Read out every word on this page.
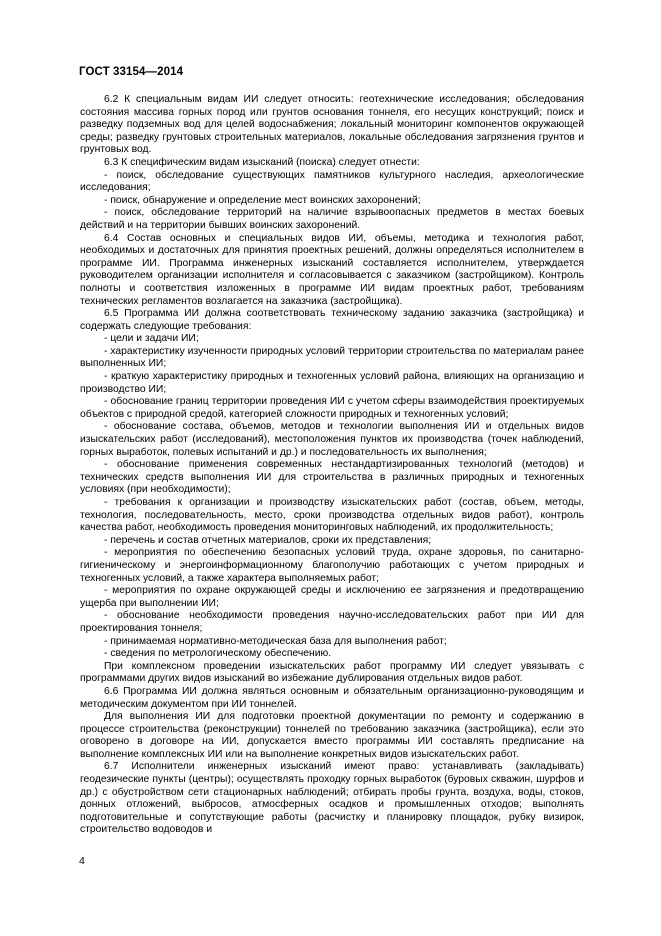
ГОСТ 33154—2014

6.2 К специальным видам ИИ следует относить: геотехнические исследования; обследования состояния массива горных пород или грунтов основания тоннеля, его несущих конструкций; поиск и разведку подземных вод для целей водоснабжения; локальный мониторинг компонентов окружающей среды; разведку грунтовых строительных материалов, локальные обследования загрязнения грунтов и грунтовых вод.

6.3 К специфическим видам изысканий (поиска) следует отнести:

- поиск, обследование существующих памятников культурного наследия, археологические исследования;

- поиск, обнаружение и определение мест воинских захоронений;

- поиск, обследование территорий на наличие взрывоопасных предметов в местах боевых действий и на территории бывших воинских захоронений.

6.4 Состав основных и специальных видов ИИ, объемы, методика и технология работ, необходимых и достаточных для принятия проектных решений, должны определяться исполнителем в программе ИИ. Программа инженерных изысканий составляется исполнителем, утверждается руководителем организации исполнителя и согласовывается с заказчиком (застройщиком). Контроль полноты и соответствия изложенных в программе ИИ видам проектных работ, требованиям технических регламентов возлагается на заказчика (застройщика).

6.5 Программа ИИ должна соответствовать техническому заданию заказчика (застройщика) и содержать следующие требования:

- цели и задачи ИИ;

- характеристику изученности природных условий территории строительства по материалам ранее выполненных ИИ;

- краткую характеристику природных и техногенных условий района, влияющих на организацию и производство ИИ;

- обоснование границ территории проведения ИИ с учетом сферы взаимодействия проектируемых объектов с природной средой, категорией сложности природных и техногенных условий;

- обоснование состава, объемов, методов и технологии выполнения ИИ и отдельных видов изыскательских работ (исследований), местоположения пунктов их производства (точек наблюдений, горных выработок, полевых испытаний и др.) и последовательность их выполнения;

- обоснование применения современных нестандартизированных технологий (методов) и технических средств выполнения ИИ для строительства в различных природных и техногенных условиях (при необходимости);

- требования к организации и производству изыскательских работ (состав, объем, методы, технология, последовательность, место, сроки производства отдельных видов работ), контроль качества работ, необходимость проведения мониторинговых наблюдений, их продолжительность;

- перечень и состав отчетных материалов, сроки их представления;

- мероприятия по обеспечению безопасных условий труда, охране здоровья, по санитарно-гигиеническому и энергоинформационному благополучию работающих с учетом природных и техногенных условий, а также характера выполняемых работ;

- мероприятия по охране окружающей среды и исключению ее загрязнения и предотвращению ущерба при выполнении ИИ;

- обоснование необходимости проведения научно-исследовательских работ при ИИ для проектирования тоннеля;

- принимаемая нормативно-методическая база для выполнения работ;

- сведения по метрологическому обеспечению.

При комплексном проведении изыскательских работ программу ИИ следует увязывать с программами других видов изысканий во избежание дублирования отдельных видов работ.

6.6 Программа ИИ должна являться основным и обязательным организационно-руководящим и методическим документом при ИИ тоннелей.

Для выполнения ИИ для подготовки проектной документации по ремонту и содержанию в процессе строительства (реконструкции) тоннелей по требованию заказчика (застройщика), если это оговорено в договоре на ИИ, допускается вместо программы ИИ составлять предписание на выполнение комплексных ИИ или на выполнение конкретных видов изыскательских работ.

6.7 Исполнители инженерных изысканий имеют право: устанавливать (закладывать) геодезические пункты (центры); осуществлять проходку горных выработок (буровых скважин, шурфов и др.) с обустройством сети стационарных наблюдений; отбирать пробы грунта, воздуха, воды, стоков, донных отложений, выбросов, атмосферных осадков и промышленных отходов; выполнять подготовительные и сопутствующие работы (расчистку и планировку площадок, рубку визирок, строительство водоводов и

4
